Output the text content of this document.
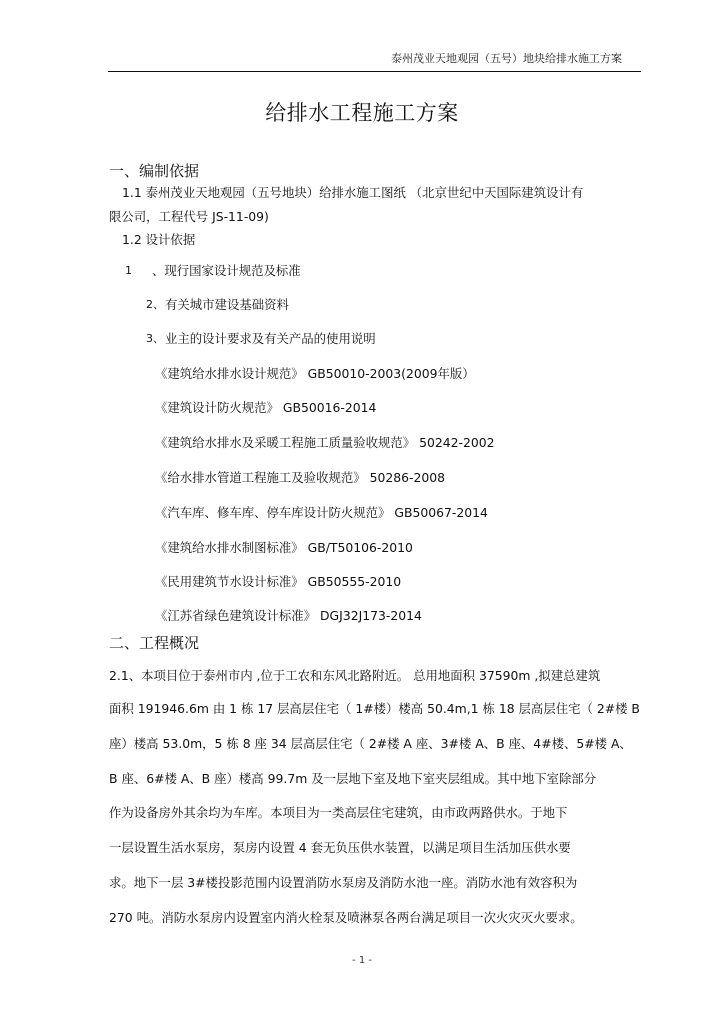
泰州茂业天地观园（五号）地块给排水施工方案
给排水工程施工方案
一、编制依据
1.1 泰州茂业天地观园（五号地块）给排水施工图纸 （北京世纪中天国际建筑设计有
限公司，工程代号 JS-11-09)
1.2 设计依据
1 、现行国家设计规范及标准
2、 有关城市建设基础资料
3、 业主的设计要求及有关产品的使用说明
《建筑给水排水设计规范》 GB50010-2003(2009年版）
《建筑设计防火规范》 GB50016-2014
《建筑给水排水及采暖工程施工质量验收规范》 50242-2002
《给水排水管道工程施工及验收规范》 50286-2008
《汽车库、修车库、停车库设计防火规范》 GB50067-2014
《建筑给水排水制图标准》 GB/T50106-2010
《民用建筑节水设计标准》 GB50555-2010
《江苏省绿色建筑设计标准》 DGJ32J173-2014
二、工程概况
2.1、本项目位于泰州市内 ,位于工农和东风北路附近。 总用地面积 37590m ,拟建总建筑
面积 191946.6m 由 1 栋 17 层高层住宅（ 1#楼）楼高 50.4m,1 栋 18 层高层住宅（ 2#楼 B
座）楼高 53.0m，5 栋 8 座 34 层高层住宅（ 2#楼 A 座、3#楼 A、B 座、4#楼、5#楼 A、
B 座、6#楼 A、B 座）楼高 99.7m 及一层地下室及地下室夹层组成。其中地下室除部分
作为设备房外其余均为车库。本项目为一类高层住宅建筑，由市政两路供水。于地下
一层设置生活水泵房，泵房内设置 4 套无负压供水装置，以满足项目生活加压供水要
求。地下一层 3#楼投影范围内设置消防水泵房及消防水池一座。消防水池有效容积为
270 吨。消防水泵房内设置室内消火栓泵及喷淋泵各两台满足项目一次火灾灭火要求。
- 1 -
